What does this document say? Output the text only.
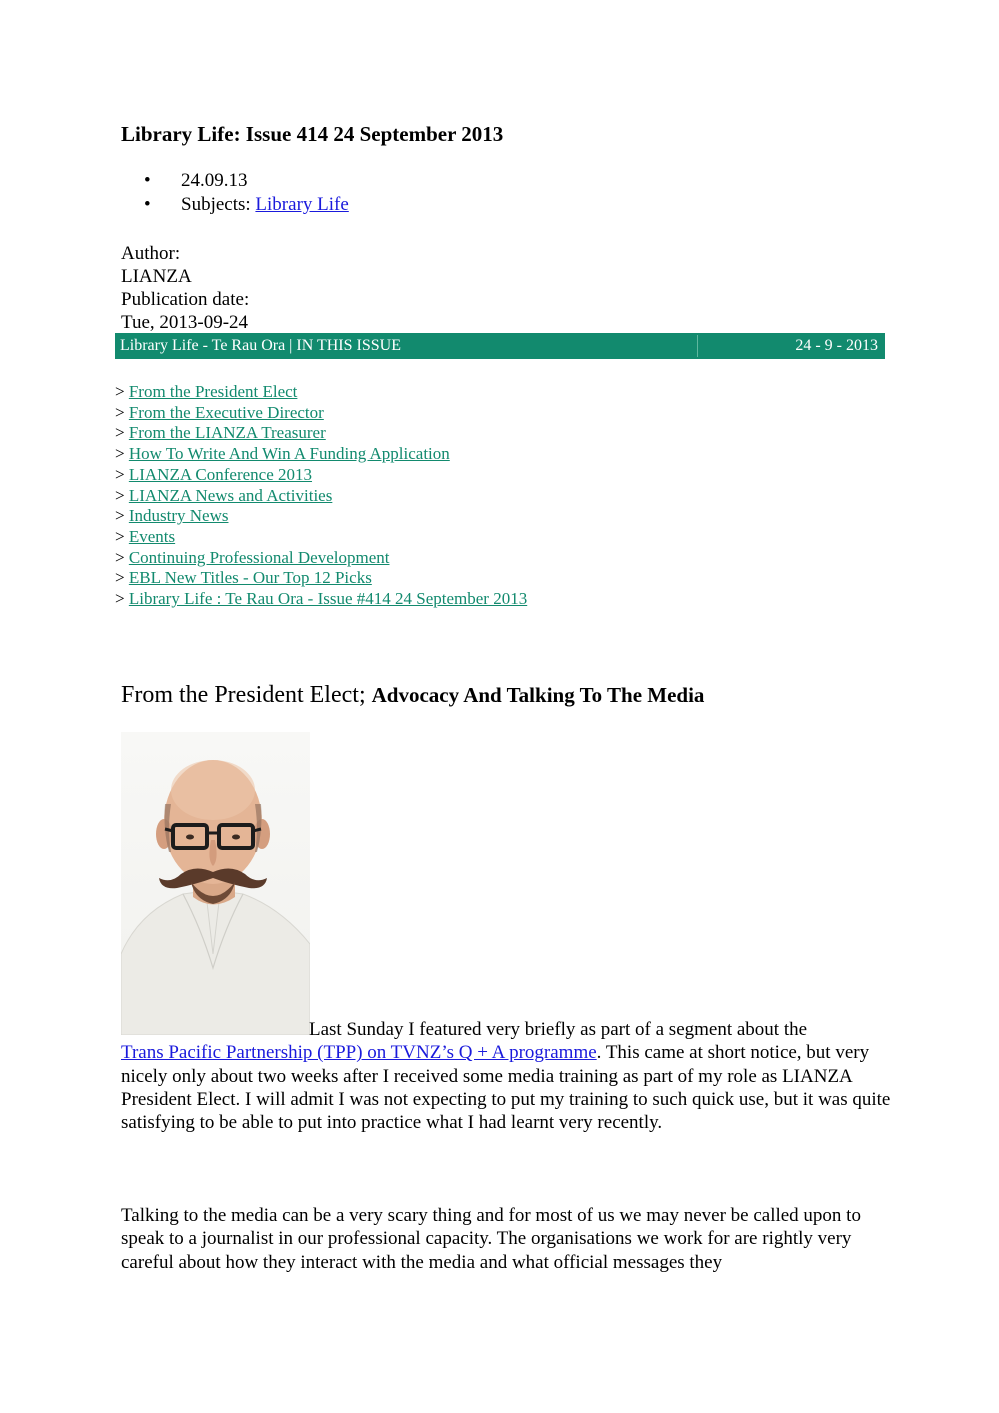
Library Life: Issue 414 24 September 2013
• 24.09.13
• Subjects: Library Life
Author:
LIANZA
Publication date:
Tue, 2013-09-24
Library Life - Te Rau Ora | IN THIS ISSUE	24 - 9 - 2013
> From the President Elect
> From the Executive Director
> From the LIANZA Treasurer
> How To Write And Win A Funding Application
> LIANZA Conference 2013
> LIANZA News and Activities
> Industry News
> Events
> Continuing Professional Development
> EBL New Titles - Our Top 12 Picks
> Library Life : Te Rau Ora - Issue #414 24 September 2013
From the President Elect; Advocacy And Talking To The Media

Last Sunday I featured very briefly as part of a segment about the
Trans Pacific Partnership (TPP) on TVNZ’s Q + A programme. This came at short notice, but very nicely only about two weeks after I received some media training as part of my role as LIANZA President Elect. I will admit I was not expecting to put my training to such quick use, but it was quite satisfying to be able to put into practice what I had learnt very recently.

Talking to the media can be a very scary thing and for most of us we may never be called upon to speak to a journalist in our professional capacity. The organisations we work for are rightly very careful about how they interact with the media and what official messages they
